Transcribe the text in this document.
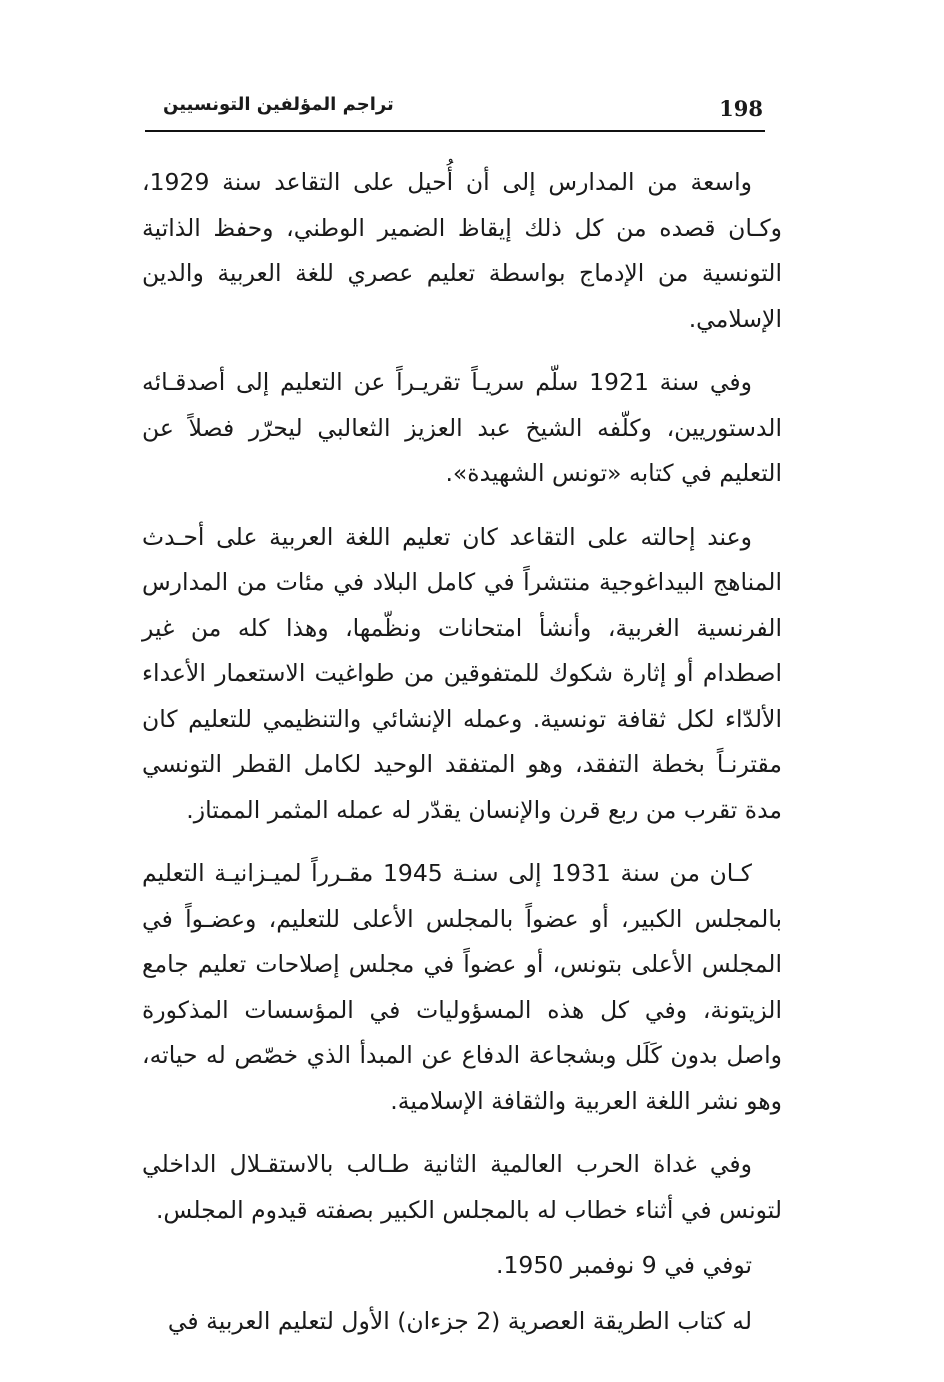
198
تراجم المؤلفين التونسيين

واسعة من المدارس إلى أن أُحيل على التقاعد سنة 1929، وكـان قصده من كل ذلك إيقاظ الضمير الوطني، وحفظ الذاتية التونسية من الإدماج بواسطة تعليم عصري للغة العربية والدين الإسلامي.

وفي سنة 1921 سلّم سريـاً تقريـراً عن التعليم إلى أصدقـائه الدستوريين، وكلّفه الشيخ عبد العزيز الثعالبي ليحرّر فصلاً عن التعليم في كتابه «تونس الشهيدة».

وعند إحالته على التقاعد كان تعليم اللغة العربية على أحـدث المناهج البيداغوجية منتشراً في كامل البلاد في مئات من المدارس الفرنسية الغربية، وأنشأ امتحانات ونظّمها، وهذا كله من غير اصطدام أو إثارة شكوك للمتفوقين من طواغيت الاستعمار الأعداء الألدّاء لكل ثقافة تونسية. وعمله الإنشائي والتنظيمي للتعليم كان مقترنـاً بخطة التفقد، وهو المتفقد الوحيد لكامل القطر التونسي مدة تقرب من ربع قرن والإنسان يقدّر له عمله المثمر الممتاز.

كـان من سنة 1931 إلى سنـة 1945 مقـرراً لميـزانيـة التعليم بالمجلس الكبير، أو عضواً بالمجلس الأعلى للتعليم، وعضـواً في المجلس الأعلى بتونس، أو عضواً في مجلس إصلاحات تعليم جامع الزيتونة، وفي كل هذه المسؤوليات في المؤسسات المذكورة واصل بدون كَلَل وبشجاعة الدفاع عن المبدأ الذي خصّص له حياته، وهو نشر اللغة العربية والثقافة الإسلامية.

وفي غداة الحرب العالمية الثانية طـالب بالاستقـلال الداخلي لتونس في أثناء خطاب له بالمجلس الكبير بصفته قيدوم المجلس.

توفي في 9 نوفمبر 1950.

له كتاب الطريقة العصرية (2 جزءان) الأول لتعليم العربية في
